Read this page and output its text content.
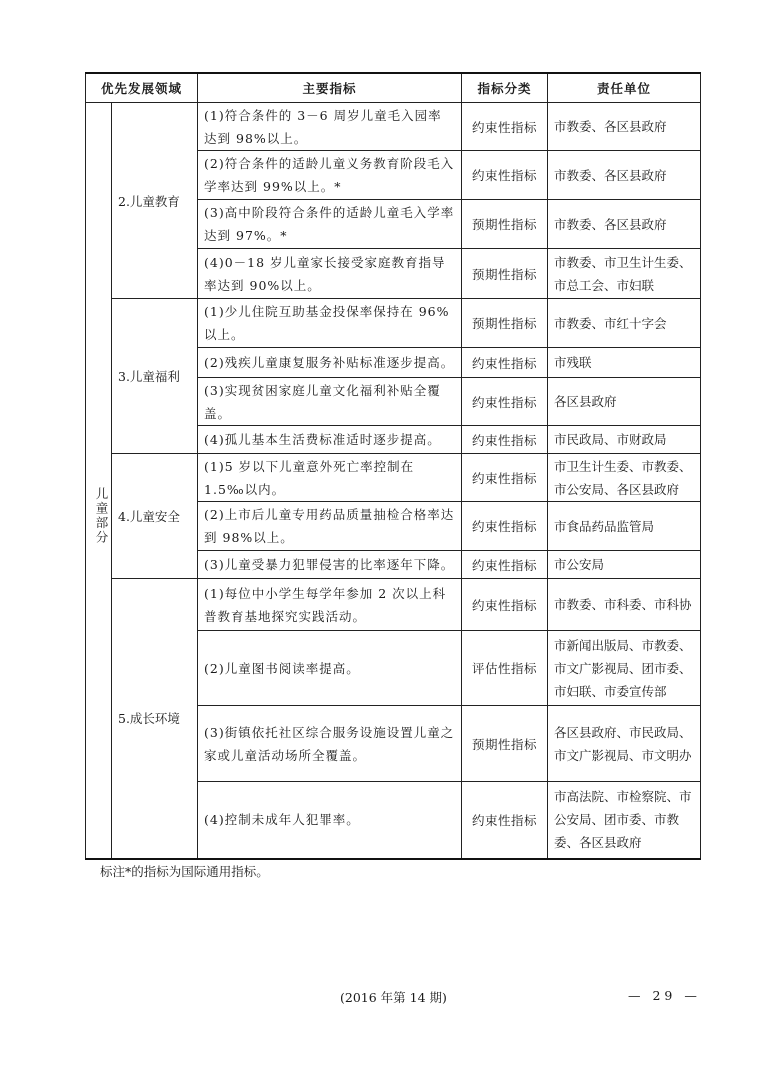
优先发展领域		主要指标	指标分类	责任单位
	2.儿童教育	(1)符合条件的 3－6 周岁儿童毛入园率达到 98%以上。	约束性指标	市教委、各区县政府
		(2)符合条件的适龄儿童义务教育阶段毛入学率达到 99%以上。*	约束性指标	市教委、各区县政府
		(3)高中阶段符合条件的适龄儿童毛入学率达到 97%。*	预期性指标	市教委、各区县政府
		(4)0－18 岁儿童家长接受家庭教育指导率达到 90%以上。	预期性指标	市教委、市卫生计生委、市总工会、市妇联
	3.儿童福利	(1)少儿住院互助基金投保率保持在 96%以上。	预期性指标	市教委、市红十字会
		(2)残疾儿童康复服务补贴标准逐步提高。	约束性指标	市残联
		(3)实现贫困家庭儿童文化福利补贴全覆盖。	约束性指标	各区县政府
		(4)孤儿基本生活费标准适时逐步提高。	约束性指标	市民政局、市财政局

儿童部分	4.儿童安全	(1)5 岁以下儿童意外死亡率控制在 1.5‰以内。	约束性指标	市卫生计生委、市教委、市公安局、各区县政府
		(2)上市后儿童专用药品质量抽检合格率达到 98%以上。	约束性指标	市食品药品监管局
		(3)儿童受暴力犯罪侵害的比率逐年下降。	约束性指标	市公安局
	5.成长环境	(1)每位中小学生每学年参加 2 次以上科普教育基地探究实践活动。	约束性指标	市教委、市科委、市科协
		(2)儿童图书阅读率提高。	评估性指标	市新闻出版局、市教委、市文广影视局、团市委、市妇联、市委宣传部
		(3)街镇依托社区综合服务设施设置儿童之家或儿童活动场所全覆盖。	预期性指标	各区县政府、市民政局、市文广影视局、市文明办
		(4)控制未成年人犯罪率。	约束性指标	市高法院、市检察院、市公安局、团市委、市教委、各区县政府
标注*的指标为国际通用指标。
(2016 年第 14 期)	— 29 —
